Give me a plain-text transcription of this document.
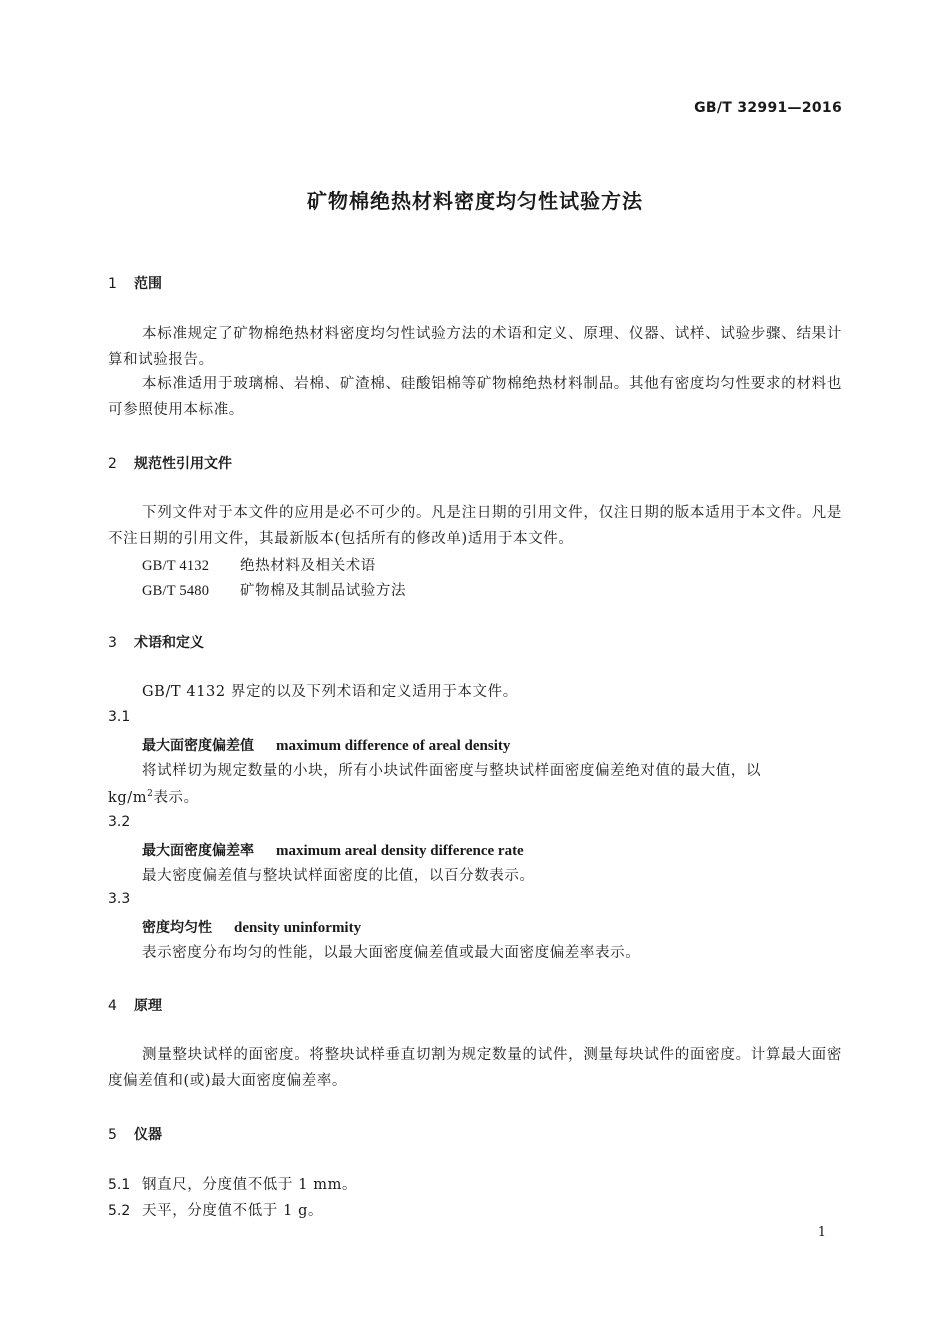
GB/T 32991—2016
矿物棉绝热材料密度均匀性试验方法
1 范围
本标准规定了矿物棉绝热材料密度均匀性试验方法的术语和定义、原理、仪器、试样、试验步骤、结果计算和试验报告。
本标准适用于玻璃棉、岩棉、矿渣棉、硅酸铝棉等矿物棉绝热材料制品。其他有密度均匀性要求的材料也可参照使用本标准。
2 规范性引用文件
下列文件对于本文件的应用是必不可少的。凡是注日期的引用文件，仅注日期的版本适用于本文件。凡是不注日期的引用文件，其最新版本(包括所有的修改单)适用于本文件。
GB/T 4132 绝热材料及相关术语
GB/T 5480 矿物棉及其制品试验方法
3 术语和定义
GB/T 4132 界定的以及下列术语和定义适用于本文件。
3.1
最大面密度偏差值 maximum difference of areal density
将试样切为规定数量的小块，所有小块试件面密度与整块试样面密度偏差绝对值的最大值，以
$kg/m^2$表示。
3.2
最大面密度偏差率 maximum areal density difference rate
最大密度偏差值与整块试样面密度的比值，以百分数表示。
3.3
密度均匀性 density uninformity
表示密度分布均匀的性能，以最大面密度偏差值或最大面密度偏差率表示。
4 原理
测量整块试样的面密度。将整块试样垂直切割为规定数量的试件，测量每块试件的面密度。计算最大面密度偏差值和(或)最大面密度偏差率。
5 仪器
5.1 钢直尺，分度值不低于 1 mm。
5.2 天平，分度值不低于 1 g。
1
